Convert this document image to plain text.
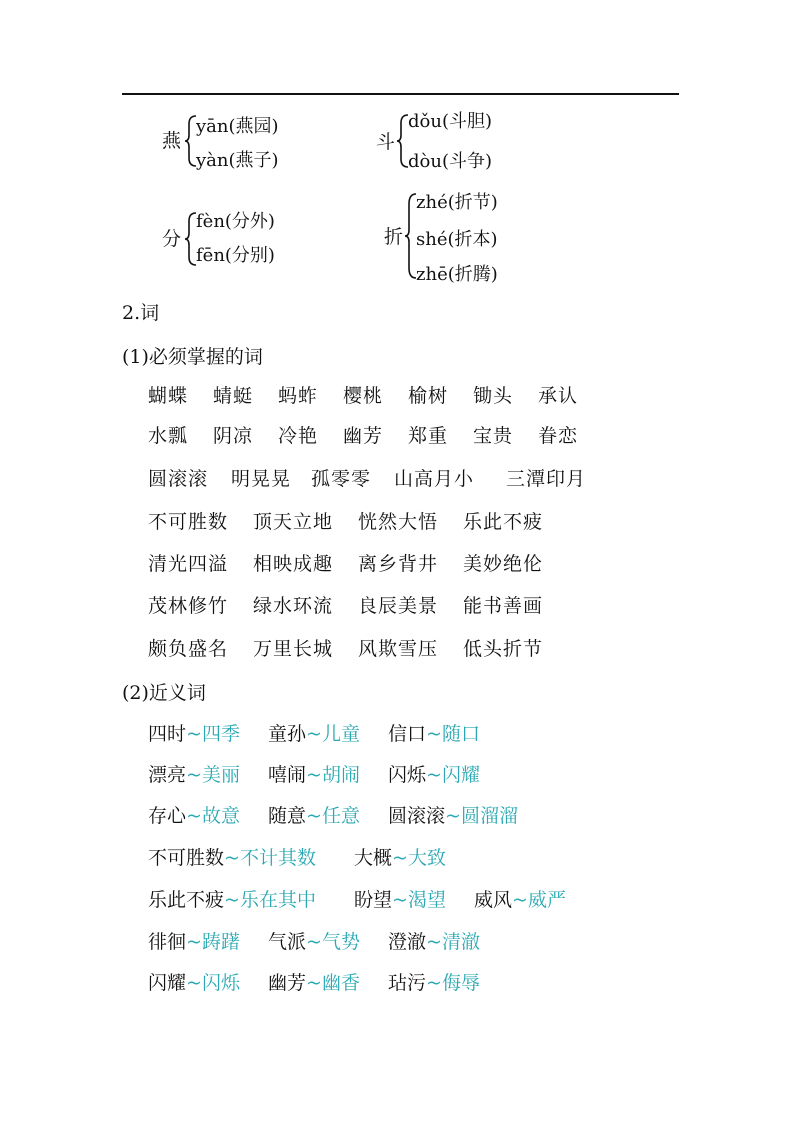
燕
yān(燕园)
yàn(燕子)
斗
dǒu(斗胆)
dòu(斗争)
分
fèn(分外)
fēn(分别)
折
zhé(折节)
shé(折本)
zhē(折腾)
2.词
(1)必须掌握的词
蝴蝶 蜻蜓 蚂蚱 樱桃 榆树 锄头 承认
水瓢 阴凉 冷艳 幽芳 郑重 宝贵 眷恋
圆滚滚 明晃晃 孤零零 山高月小 三潭印月
不可胜数 顶天立地 恍然大悟 乐此不疲
清光四溢 相映成趣 离乡背井 美妙绝伦
茂林修竹 绿水环流 良辰美景 能书善画
颇负盛名 万里长城 风欺雪压 低头折节
(2)近义词
四时~四季 童孙~儿童 信口~随口
漂亮~美丽 嘻闹~胡闹 闪烁~闪耀
存心~故意 随意~任意 圆滚滚~圆溜溜
不可胜数~不计其数 大概~大致
乐此不疲~乐在其中 盼望~渴望 威风~威严
徘徊~踌躇 气派~气势 澄澈~清澈
闪耀~闪烁 幽芳~幽香 玷污~侮辱
